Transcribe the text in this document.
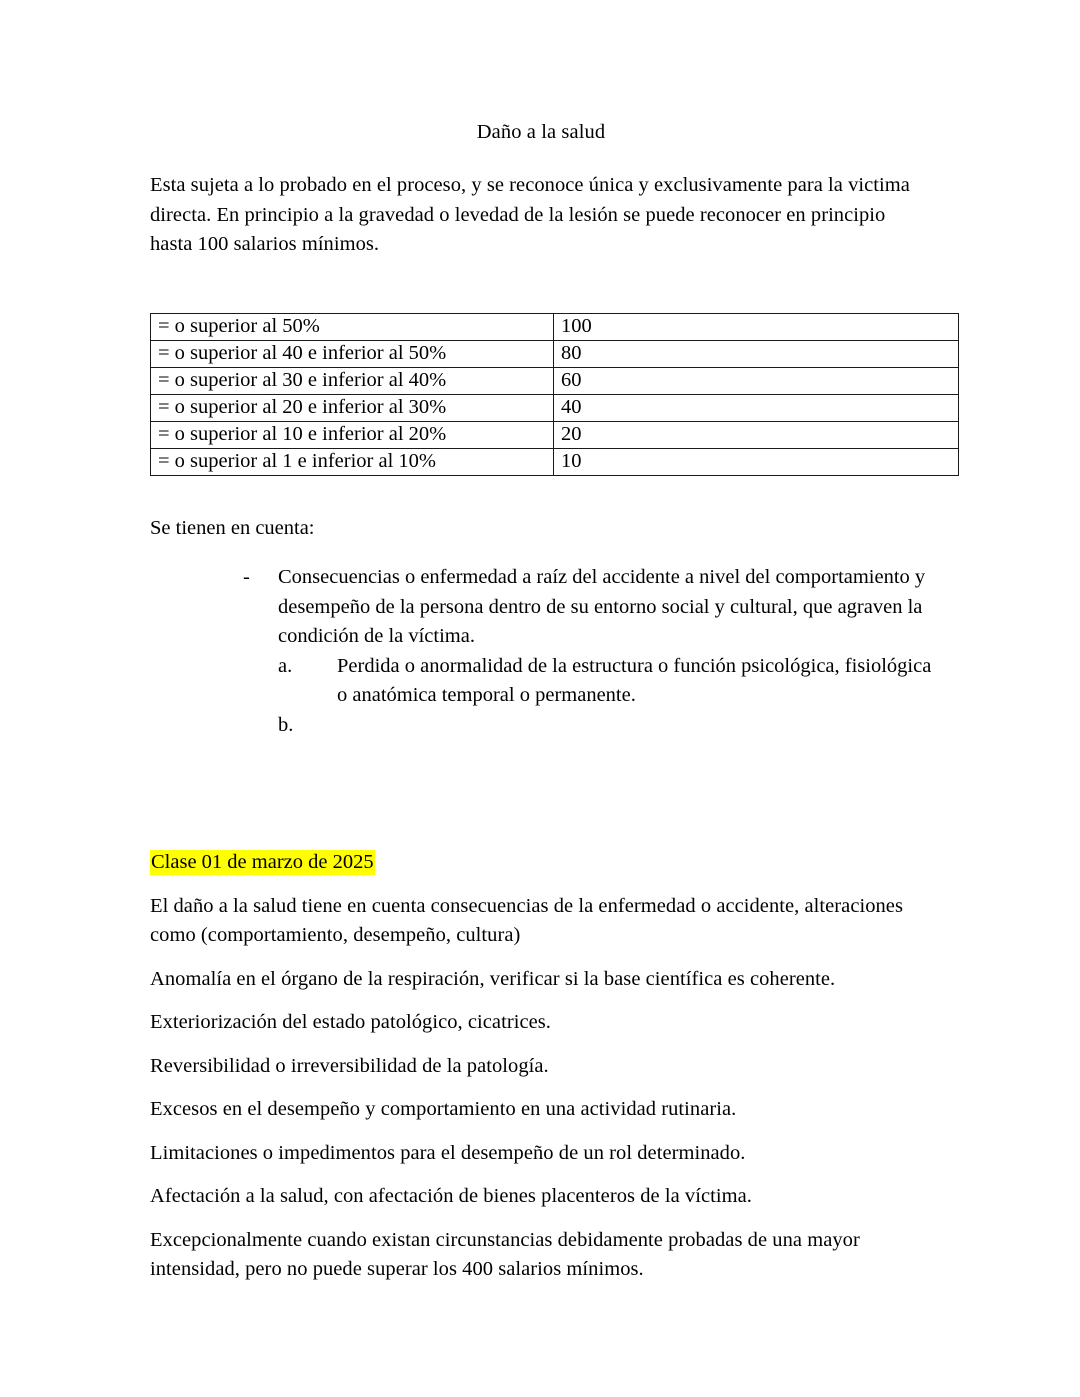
Daño a la salud

Esta sujeta a lo probado en el proceso, y se reconoce única y exclusivamente para la victima directa. En principio a la gravedad o levedad de la lesión se puede reconocer en principio hasta 100 salarios mínimos.

= o superior al 50%	100
= o superior al 40 e inferior al 50%	80
= o superior al 30 e inferior al 40%	60
= o superior al 20 e inferior al 30%	40
= o superior al 10 e inferior al 20%	20
= o superior al 1 e inferior al 10%	10

Se tienen en cuenta:

- Consecuencias o enfermedad a raíz del accidente a nivel del comportamiento y desempeño de la persona dentro de su entorno social y cultural, que agraven la condición de la víctima.
a. Perdida o anormalidad de la estructura o función psicológica, fisiológica o anatómica temporal o permanente.
b.
Clase 01 de marzo de 2025

El daño a la salud tiene en cuenta consecuencias de la enfermedad o accidente, alteraciones como (comportamiento, desempeño, cultura)

Anomalía en el órgano de la respiración, verificar si la base científica es coherente.

Exteriorización del estado patológico, cicatrices.

Reversibilidad o irreversibilidad de la patología.

Excesos en el desempeño y comportamiento en una actividad rutinaria.

Limitaciones o impedimentos para el desempeño de un rol determinado.

Afectación a la salud, con afectación de bienes placenteros de la víctima.

Excepcionalmente cuando existan circunstancias debidamente probadas de una mayor intensidad, pero no puede superar los 400 salarios mínimos.
